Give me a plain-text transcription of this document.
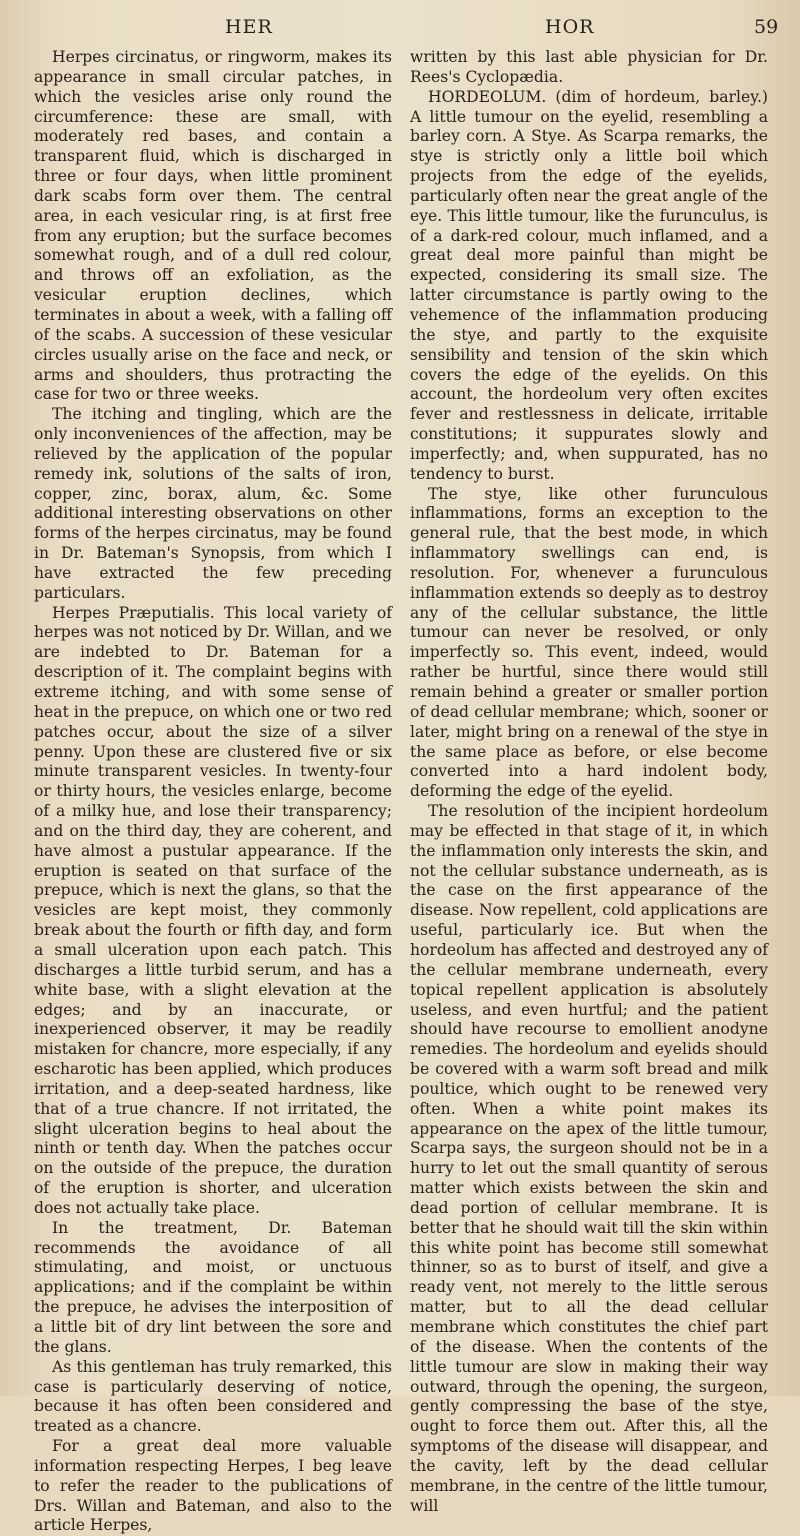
HER	HOR	59

Herpes circinatus, or ringworm, makes its appearance in small circular patches, in which the vesicles arise only round the circumference: these are small, with moderately red bases, and contain a transparent fluid, which is discharged in three or four days, when little prominent dark scabs form over them. The central area, in each vesicular ring, is at first free from any eruption; but the surface becomes somewhat rough, and of a dull red colour, and throws off an exfoliation, as the vesicular eruption declines, which terminates in about a week, with a falling off of the scabs. A succession of these vesicular circles usually arise on the face and neck, or arms and shoulders, thus protracting the case for two or three weeks.

The itching and tingling, which are the only inconveniences of the affection, may be relieved by the application of the popular remedy ink, solutions of the salts of iron, copper, zinc, borax, alum, &c. Some additional interesting observations on other forms of the herpes circinatus, may be found in Dr. Bateman's Synopsis, from which I have extracted the few preceding particulars.

Herpes Præputialis. This local variety of herpes was not noticed by Dr. Willan, and we are indebted to Dr. Bateman for a description of it. The complaint begins with extreme itching, and with some sense of heat in the prepuce, on which one or two red patches occur, about the size of a silver penny. Upon these are clustered five or six minute transparent vesicles. In twenty-four or thirty hours, the vesicles enlarge, become of a milky hue, and lose their transparency; and on the third day, they are coherent, and have almost a pustular appearance. If the eruption is seated on that surface of the prepuce, which is next the glans, so that the vesicles are kept moist, they commonly break about the fourth or fifth day, and form a small ulceration upon each patch. This discharges a little turbid serum, and has a white base, with a slight elevation at the edges; and by an inaccurate, or inexperienced observer, it may be readily mistaken for chancre, more especially, if any escharotic has been applied, which produces irritation, and a deep-seated hardness, like that of a true chancre. If not irritated, the slight ulceration begins to heal about the ninth or tenth day. When the patches occur on the outside of the prepuce, the duration of the eruption is shorter, and ulceration does not actually take place.

In the treatment, Dr. Bateman recommends the avoidance of all stimulating, and moist, or unctuous applications; and if the complaint be within the prepuce, he advises the interposition of a little bit of dry lint between the sore and the glans.

As this gentleman has truly remarked, this case is particularly deserving of notice, because it has often been considered and treated as a chancre.

For a great deal more valuable information respecting Herpes, I beg leave to refer the reader to the publications of Drs. Willan and Bateman, and also to the article Herpes,

written by this last able physician for Dr. Rees's Cyclopædia.

HORDEOLUM. (dim of hordeum, barley.) A little tumour on the eyelid, resembling a barley corn. A Stye. As Scarpa remarks, the stye is strictly only a little boil which projects from the edge of the eyelids, particularly often near the great angle of the eye. This little tumour, like the furunculus, is of a dark-red colour, much inflamed, and a great deal more painful than might be expected, considering its small size. The latter circumstance is partly owing to the vehemence of the inflammation producing the stye, and partly to the exquisite sensibility and tension of the skin which covers the edge of the eyelids. On this account, the hordeolum very often excites fever and restlessness in delicate, irritable constitutions; it suppurates slowly and imperfectly; and, when suppurated, has no tendency to burst.

The stye, like other furunculous inflammations, forms an exception to the general rule, that the best mode, in which inflammatory swellings can end, is resolution. For, whenever a furunculous inflammation extends so deeply as to destroy any of the cellular substance, the little tumour can never be resolved, or only imperfectly so. This event, indeed, would rather be hurtful, since there would still remain behind a greater or smaller portion of dead cellular membrane; which, sooner or later, might bring on a renewal of the stye in the same place as before, or else become converted into a hard indolent body, deforming the edge of the eyelid.

The resolution of the incipient hordeolum may be effected in that stage of it, in which the inflammation only interests the skin, and not the cellular substance underneath, as is the case on the first appearance of the disease. Now repellent, cold applications are useful, particularly ice. But when the hordeolum has affected and destroyed any of the cellular membrane underneath, every topical repellent application is absolutely useless, and even hurtful; and the patient should have recourse to emollient anodyne remedies. The hordeolum and eyelids should be covered with a warm soft bread and milk poultice, which ought to be renewed very often. When a white point makes its appearance on the apex of the little tumour, Scarpa says, the surgeon should not be in a hurry to let out the small quantity of serous matter which exists between the skin and dead portion of cellular membrane. It is better that he should wait till the skin within this white point has become still somewhat thinner, so as to burst of itself, and give a ready vent, not merely to the little serous matter, but to all the dead cellular membrane which constitutes the chief part of the disease. When the contents of the little tumour are slow in making their way outward, through the opening, the surgeon, gently compressing the base of the stye, ought to force them out. After this, all the symptoms of the disease will disappear, and the cavity, left by the dead cellular membrane, in the centre of the little tumour, will
